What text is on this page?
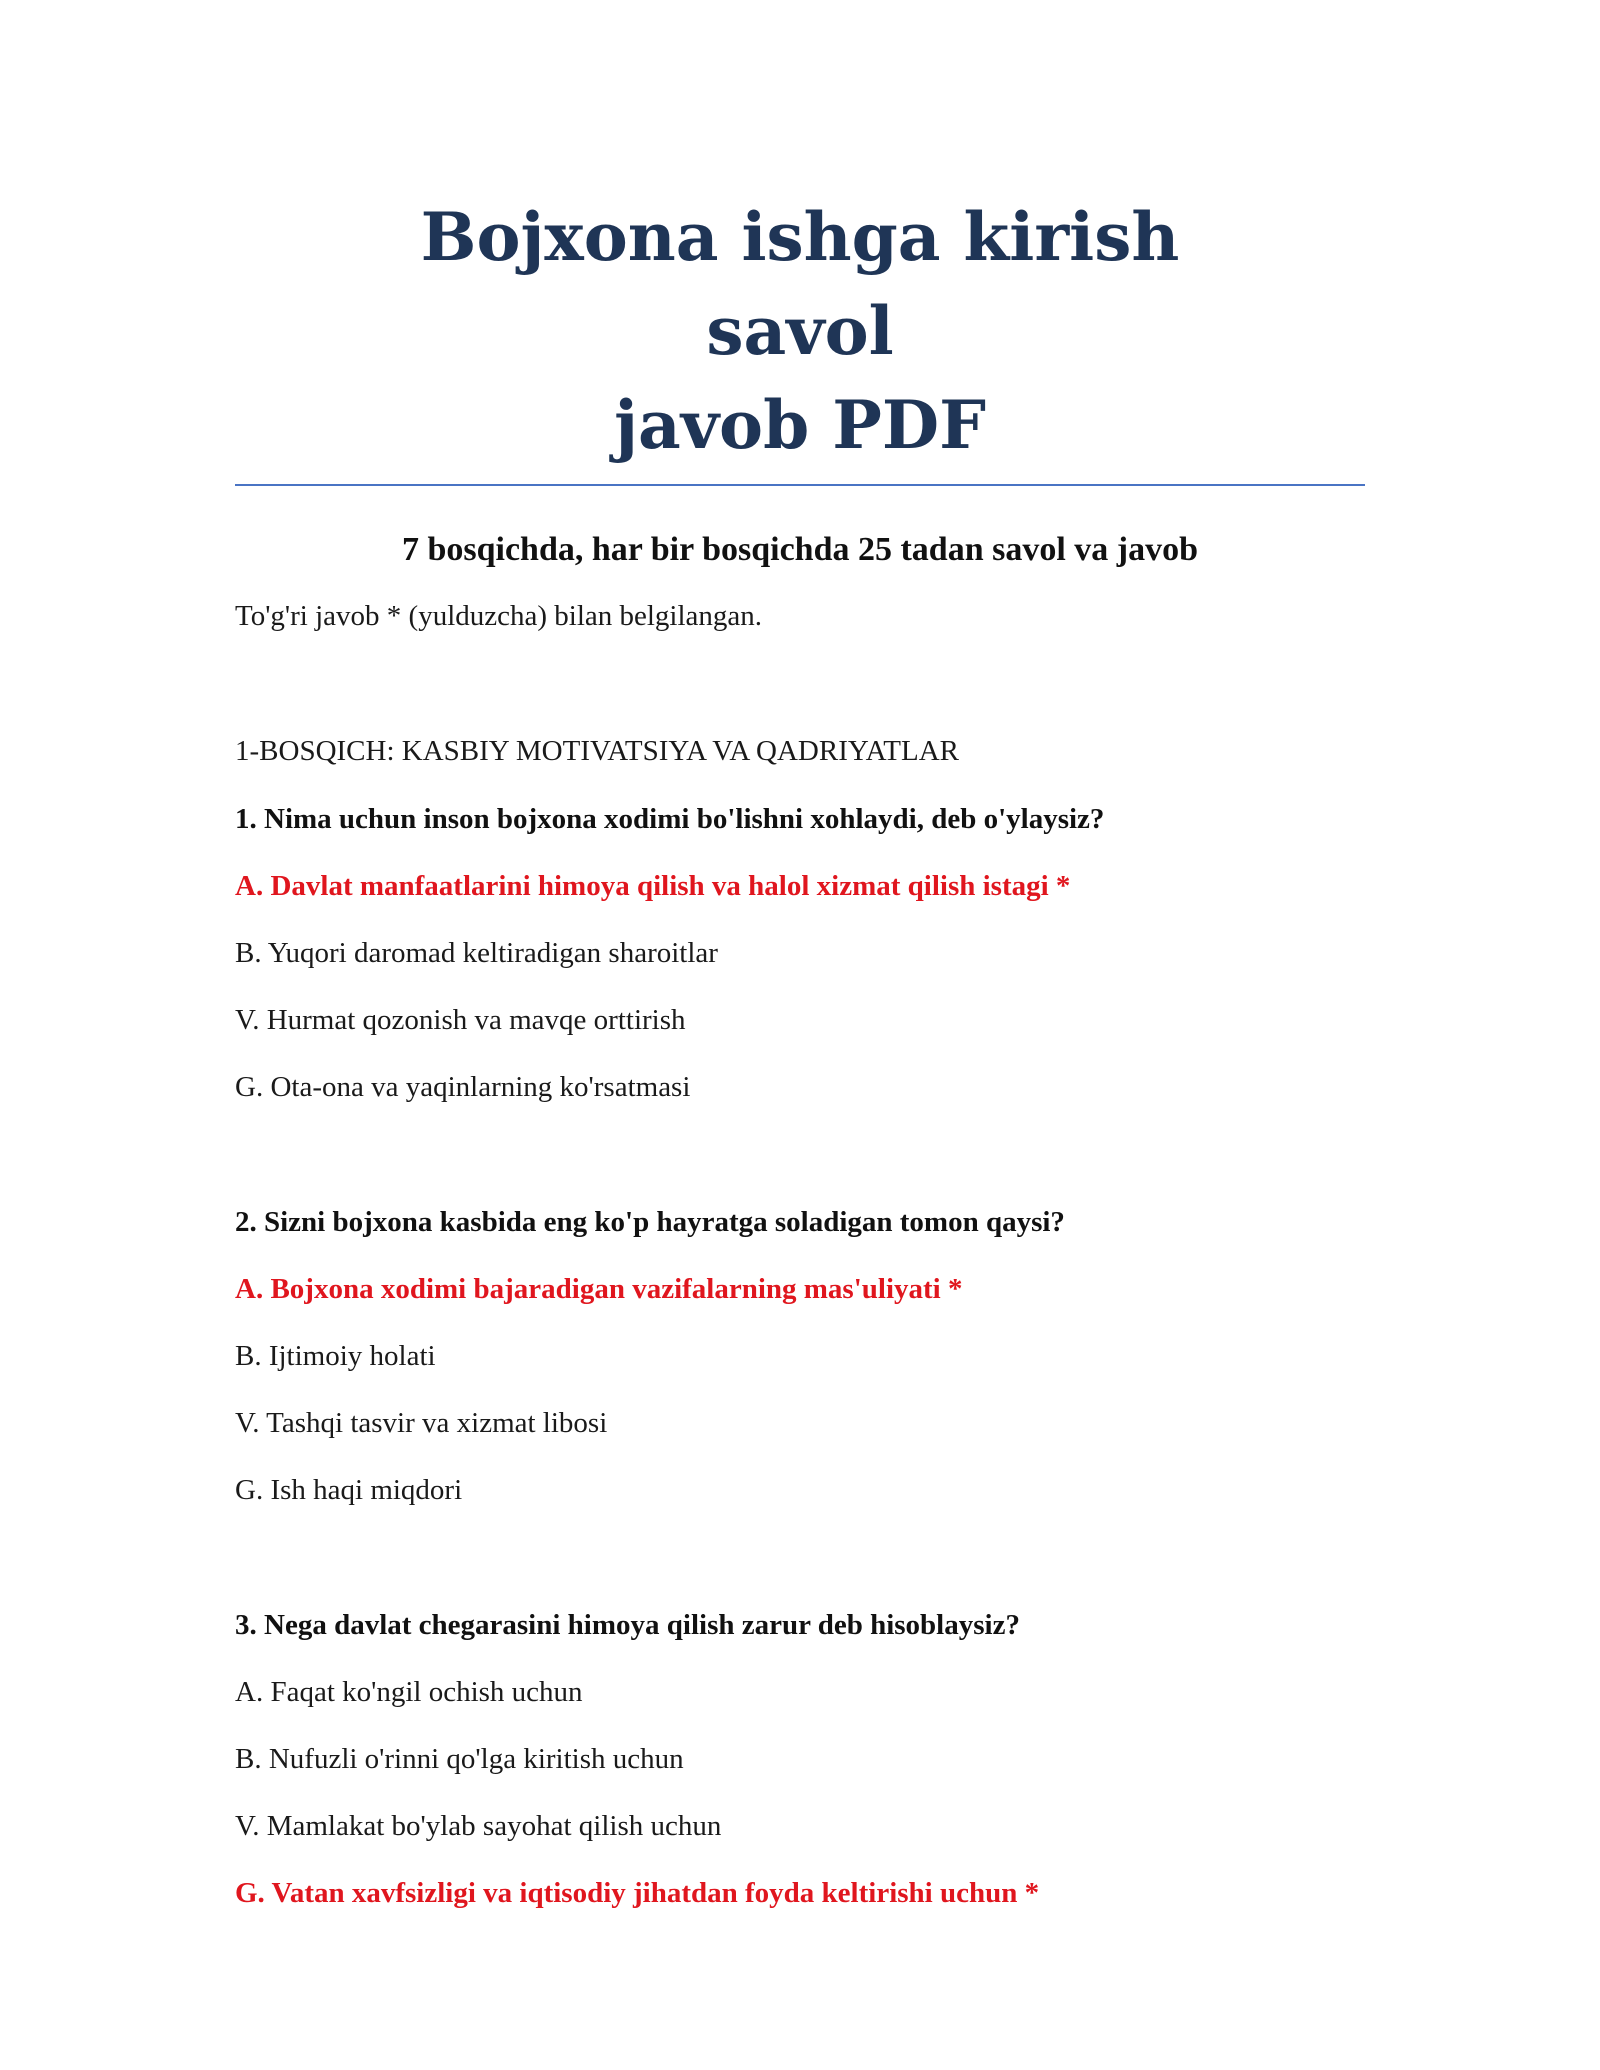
Bojxona ishga kirish savol
javob PDF
7 bosqichda, har bir bosqichda 25 tadan savol va javob
To'g'ri javob * (yulduzcha) bilan belgilangan.
1-BOSQICH: KASBIY MOTIVATSIYA VA QADRIYATLAR
1. Nima uchun inson bojxona xodimi bo'lishni xohlaydi, deb o'ylaysiz?
A. Davlat manfaatlarini himoya qilish va halol xizmat qilish istagi *
B. Yuqori daromad keltiradigan sharoitlar
V. Hurmat qozonish va mavqe orttirish
G. Ota-ona va yaqinlarning ko'rsatmasi
2. Sizni bojxona kasbida eng ko'p hayratga soladigan tomon qaysi?
A. Bojxona xodimi bajaradigan vazifalarning mas'uliyati *
B. Ijtimoiy holati
V. Tashqi tasvir va xizmat libosi
G. Ish haqi miqdori
3. Nega davlat chegarasini himoya qilish zarur deb hisoblaysiz?
A. Faqat ko'ngil ochish uchun
B. Nufuzli o'rinni qo'lga kiritish uchun
V. Mamlakat bo'ylab sayohat qilish uchun
G. Vatan xavfsizligi va iqtisodiy jihatdan foyda keltirishi uchun *
